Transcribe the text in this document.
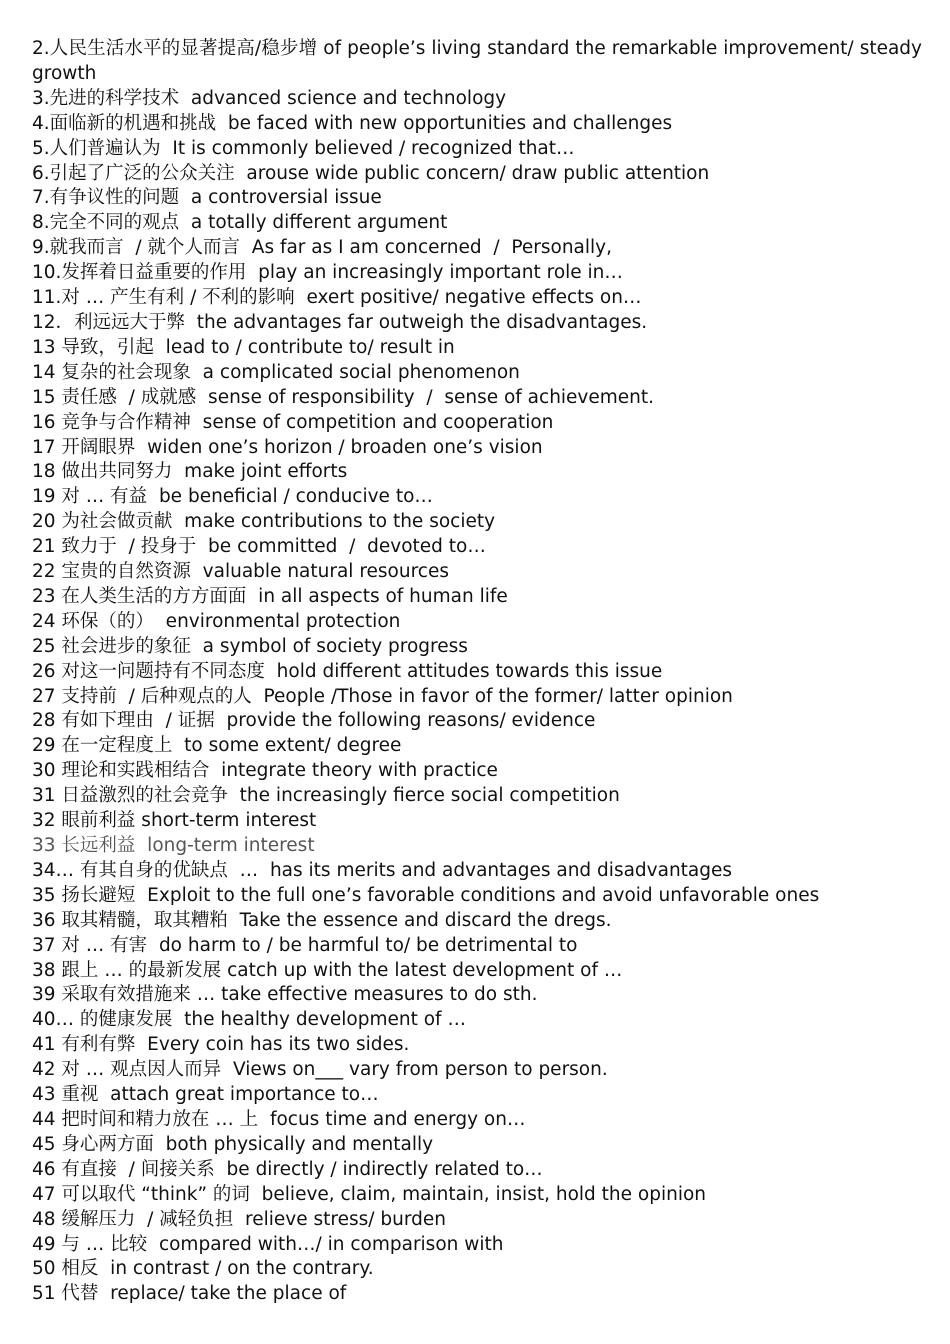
2.人民生活水平的显著提高/稳步增 of people’s living standard the remarkable improvement/ steady growth
3.先进的科学技术  advanced science and technology
4.面临新的机遇和挑战  be faced with new opportunities and challenges
5.人们普遍认为  It is commonly believed / recognized that…
6.引起了广泛的公众关注  arouse wide public concern/ draw public attention
7.有争议性的问题  a controversial issue
8.完全不同的观点  a totally different argument
9.就我而言  / 就个人而言  As far as I am concerned  /  Personally,
10.发挥着日益重要的作用  play an increasingly important role in…
11.对 … 产生有利 / 不利的影响  exert positive/ negative effects on…
12．利远远大于弊  the advantages far outweigh the disadvantages.
13 导致，引起  lead to / contribute to/ result in
14 复杂的社会现象  a complicated social phenomenon
15 责任感  / 成就感  sense of responsibility  /  sense of achievement.
16 竞争与合作精神  sense of competition and cooperation
17 开阔眼界  widen one’s horizon / broaden one’s vision
18 做出共同努力  make joint efforts
19 对 … 有益  be beneficial / conducive to…
20 为社会做贡献  make contributions to the society
21 致力于  / 投身于  be committed  /  devoted to…
22 宝贵的自然资源  valuable natural resources
23 在人类生活的方方面面  in all aspects of human life
24 环保（的）  environmental protection
25 社会进步的象征  a symbol of society progress
26 对这一问题持有不同态度  hold different attitudes towards this issue
27 支持前  / 后种观点的人  People /Those in favor of the former/ latter opinion
28 有如下理由  / 证据  provide the following reasons/ evidence
29 在一定程度上  to some extent/ degree
30 理论和实践相结合  integrate theory with practice
31 日益激烈的社会竞争  the increasingly fierce social competition
32 眼前利益 short-term interest
33 长远利益  long-term interest
34… 有其自身的优缺点  …  has its merits and advantages and disadvantages
35 扬长避短  Exploit to the full one’s favorable conditions and avoid unfavorable ones
36 取其精髓，取其糟粕  Take the essence and discard the dregs.
37 对 … 有害  do harm to / be harmful to/ be detrimental to
38 跟上 … 的最新发展 catch up with the latest development of …
39 采取有效措施来 … take effective measures to do sth.
40… 的健康发展  the healthy development of …
41 有利有弊  Every coin has its two sides.
42 对 … 观点因人而异  Views on___ vary from person to person.
43 重视  attach great importance to…
44 把时间和精力放在 … 上  focus time and energy on…
45 身心两方面  both physically and mentally
46 有直接  / 间接关系  be directly / indirectly related to…
47 可以取代 “think” 的词  believe, claim, maintain, insist, hold the opinion
48 缓解压力  / 减轻负担  relieve stress/ burden
49 与 … 比较  compared with…/ in comparison with
50 相反  in contrast / on the contrary.
51 代替  replace/ take the place of
